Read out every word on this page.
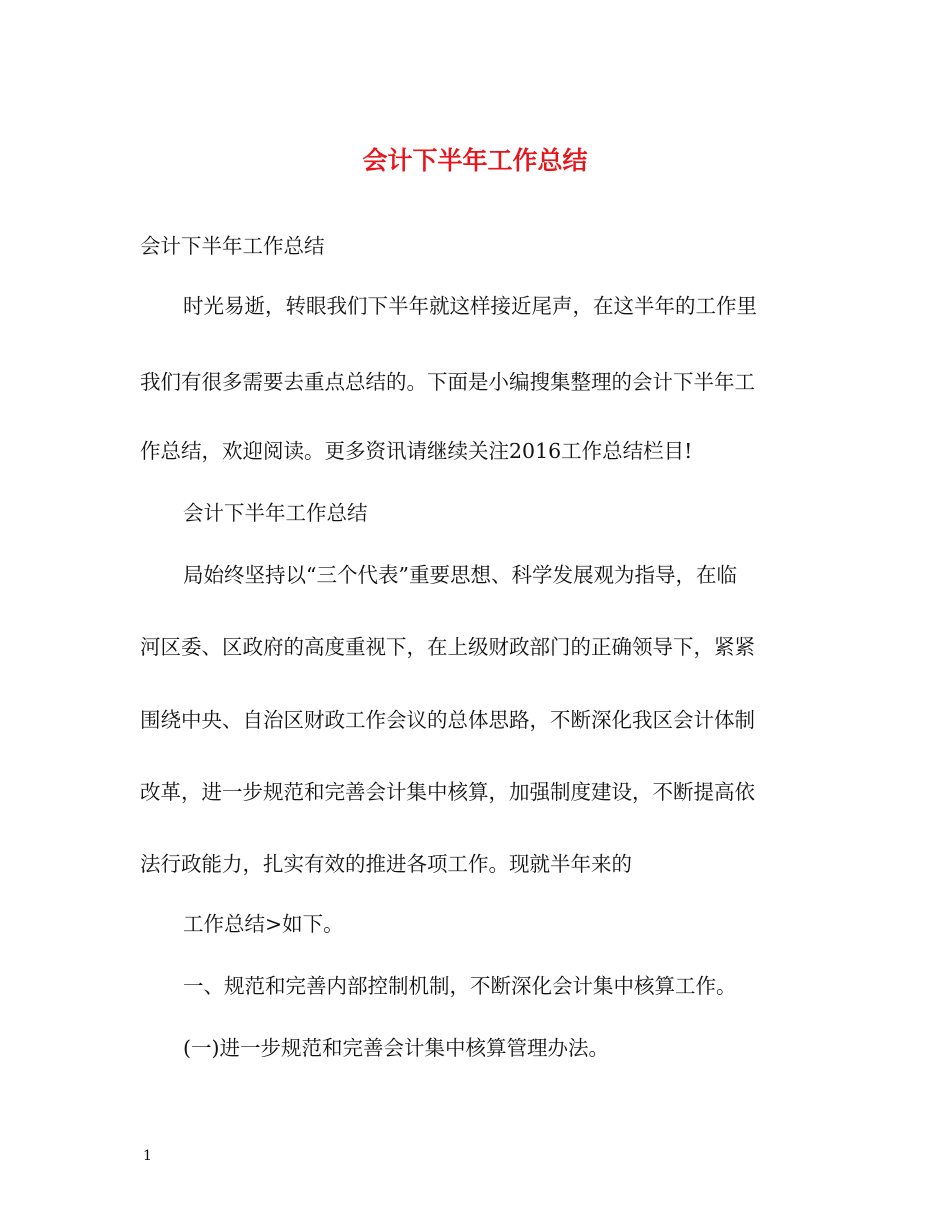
会计下半年工作总结
会计下半年工作总结
时光易逝，转眼我们下半年就这样接近尾声，在这半年的工作里
我们有很多需要去重点总结的。下面是小编搜集整理的会计下半年工
作总结，欢迎阅读。更多资讯请继续关注2016工作总结栏目!
会计下半年工作总结
局始终坚持以“三个代表”重要思想、科学发展观为指导，在临
河区委、区政府的高度重视下，在上级财政部门的正确领导下，紧紧
围绕中央、自治区财政工作会议的总体思路，不断深化我区会计体制
改革，进一步规范和完善会计集中核算，加强制度建设，不断提高依
法行政能力，扎实有效的推进各项工作。现就半年来的
工作总结>如下。
一、规范和完善内部控制机制，不断深化会计集中核算工作。
(一)进一步规范和完善会计集中核算管理办法。
1
